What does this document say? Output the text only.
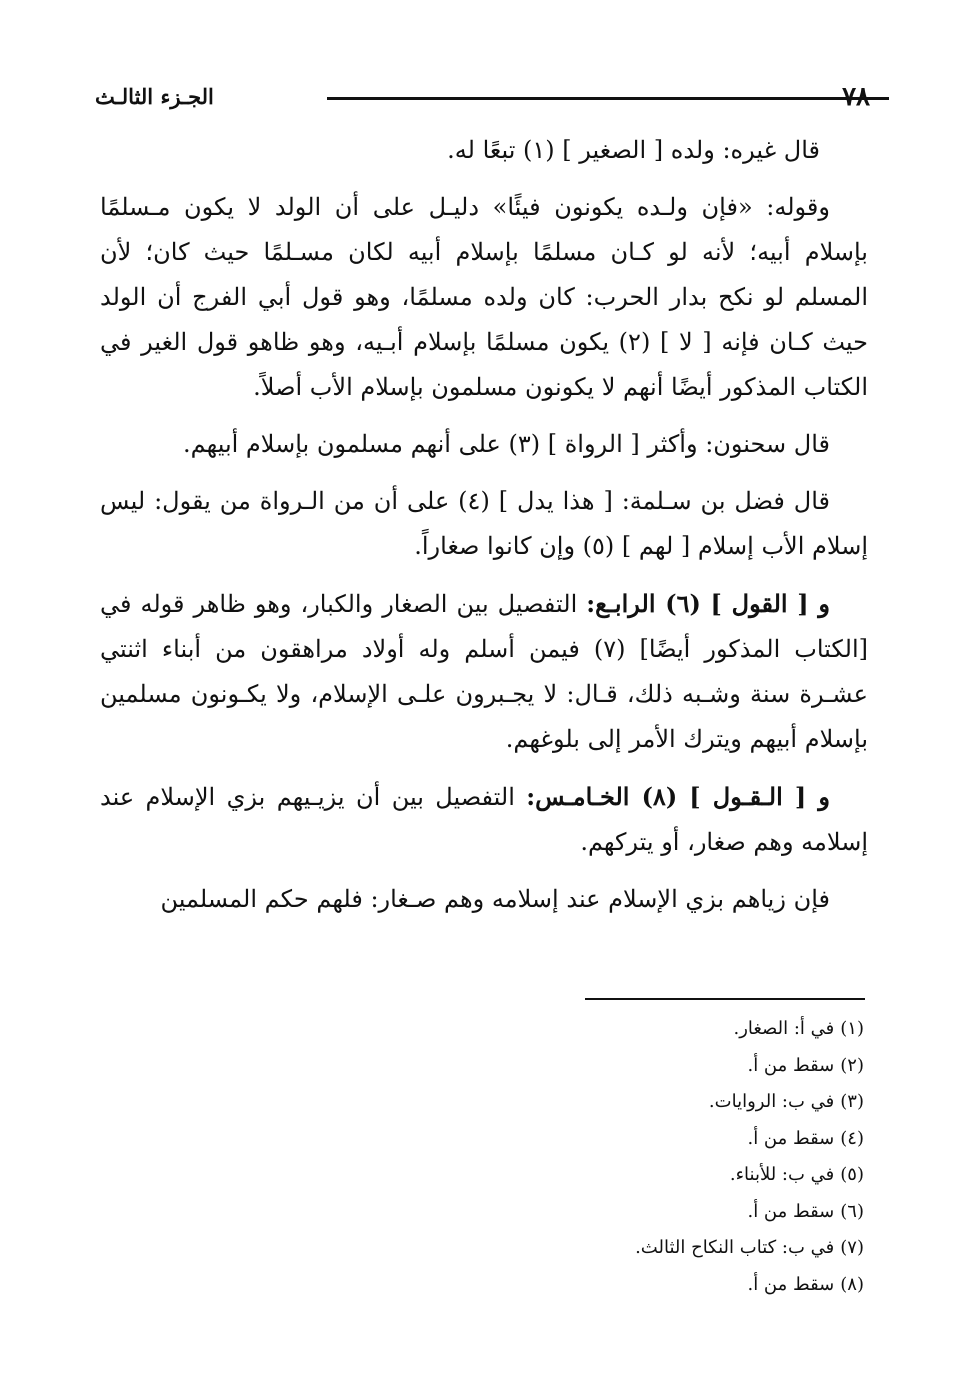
الجـزء الثالـث	٧٨

قال غيره: ولده [ الصغير ] (١) تبعًا له.

وقوله: «فإن ولـده يكونون فيئًا» دليـل على أن الولد لا يكون مـسلمًا بإسلام أبيه؛ لأنه لو كـان مسلمًا بإسلام أبيه لكان مسـلمًا حيث كان؛ لأن المسلم لو نكح بدار الحرب: كان ولده مسلمًا، وهو قول أبي الفرج أن الولد حيث كـان فإنه [ لا ] (٢) يكون مسلمًا بإسلام أبـيه، وهو ظاهو قول الغير في الكتاب المذكور أيضًا أنهم لا يكونون مسلمون بإسلام الأب أصلاً.

قال سحنون: وأكثر [ الرواة ] (٣) على أنهم مسلمون بإسلام أبيهم.

قال فضل بن سـلمة: [ هذا يدل ] (٤) على أن من الـرواة من يقول: ليس إسلام الأب إسلام [ لهم ] (٥) وإن كانوا صغاراً.

و [ القول ] (٦) الرابـع: التفصيل بين الصغار والكبار، وهو ظاهر قوله في [الكتاب المذكور أيضًا] (٧) فيمن أسلم وله أولاد مراهقون من أبناء اثنتي عشـرة سنة وشـبه ذلك، قـال: لا يجـبرون علـى الإسلام، ولا يكـونون مسلمين بإسلام أبيهم ويترك الأمر إلى بلوغهم.

و [ الـقـول ] (٨) الخـامـس: التفصيل بين أن يزيـيهم بزي الإسلام عند إسلامه وهم صغار، أو يتركهم.

فإن زياهم بزي الإسلام عند إسلامه وهم صـغار: فلهم حكم المسلمين

(١)في أ: الصغار.
(٢)سقط من أ.
(٣)في ب: الروايات.
(٤)سقط من أ.
(٥)في ب: للأبناء.
(٦)سقط من أ.
(٧)في ب: كتاب النكاح الثالث.
(٨)سقط من أ.
